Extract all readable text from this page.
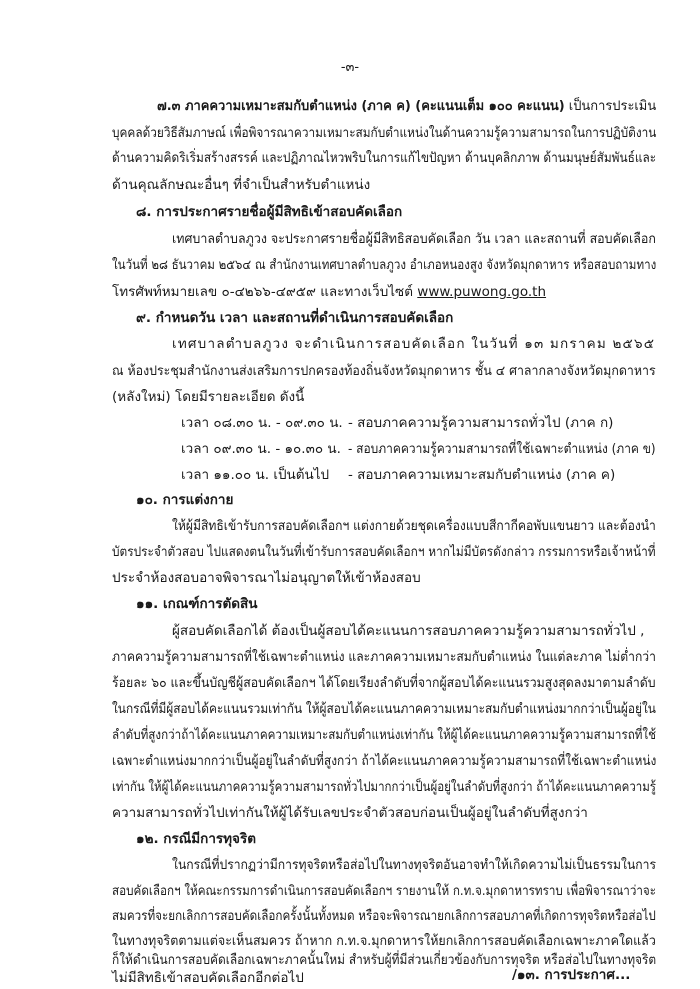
-๓-
๗.๓ ภาคความเหมาะสมกับตำแหน่ง (ภาค ค) (คะแนนเต็ม ๑๐๐ คะแนน) เป็นการประเมิน
บุคคลด้วยวิธีสัมภาษณ์ เพื่อพิจารณาความเหมาะสมกับตำแหน่งในด้านความรู้ความสามารถในการปฏิบัติงาน
ด้านความคิดริเริ่มสร้างสรรค์ และปฏิภาณไหวพริบในการแก้ไขปัญหา ด้านบุคลิกภาพ ด้านมนุษย์สัมพันธ์และ
ด้านคุณลักษณะอื่นๆ ที่จำเป็นสำหรับตำแหน่ง
๘. การประกาศรายชื่อผู้มีสิทธิเข้าสอบคัดเลือก
เทศบาลตำบลภูวง จะประกาศรายชื่อผู้มีสิทธิสอบคัดเลือก วัน เวลา และสถานที่ สอบคัดเลือก
ในวันที่ ๒๘ ธันวาคม ๒๕๖๔ ณ สำนักงานเทศบาลตำบลภูวง อำเภอหนองสูง จังหวัดมุกดาหาร หรือสอบถามทาง
โทรศัพท์หมายเลข ๐-๔๒๖๖-๔๙๕๙ และทางเว็บไซต์ www.puwong.go.th
๙. กำหนดวัน เวลา และสถานที่ดำเนินการสอบคัดเลือก
เทศบาลตำบลภูวง จะดำเนินการสอบคัดเลือก ในวันที่ ๑๓ มกราคม ๒๕๖๕
ณ ห้องประชุมสำนักงานส่งเสริมการปกครองท้องถิ่นจังหวัดมุกดาหาร ชั้น ๔ ศาลากลางจังหวัดมุกดาหาร
(หลังใหม่) โดยมีรายละเอียด ดังนี้
เวลา ๐๘.๓๐ น. - ๐๙.๓๐ น. - สอบภาคความรู้ความสามารถทั่วไป (ภาค ก)
เวลา ๐๙.๓๐ น. - ๑๐.๓๐ น. - สอบภาคความรู้ความสามารถที่ใช้เฉพาะตำแหน่ง (ภาค ข)
เวลา ๑๑.๐๐ น. เป็นต้นไป - สอบภาคความเหมาะสมกับตำแหน่ง (ภาค ค)
๑๐. การแต่งกาย
ให้ผู้มีสิทธิเข้ารับการสอบคัดเลือกฯ แต่งกายด้วยชุดเครื่องแบบสีกากีคอพับแขนยาว และต้องนำ
บัตรประจำตัวสอบ ไปแสดงตนในวันที่เข้ารับการสอบคัดเลือกฯ หากไม่มีบัตรดังกล่าว กรรมการหรือเจ้าหน้าที่
ประจำห้องสอบอาจพิจารณาไม่อนุญาตให้เข้าห้องสอบ
๑๑. เกณฑ์การตัดสิน
ผู้สอบคัดเลือกได้ ต้องเป็นผู้สอบได้คะแนนการสอบภาคความรู้ความสามารถทั่วไป ,
ภาคความรู้ความสามารถที่ใช้เฉพาะตำแหน่ง และภาคความเหมาะสมกับตำแหน่ง ในแต่ละภาค ไม่ต่ำกว่า
ร้อยละ ๖๐ และขึ้นบัญชีผู้สอบคัดเลือกฯ ได้โดยเรียงลำดับที่จากผู้สอบได้คะแนนรวมสูงสุดลงมาตามลำดับ
ในกรณีที่มีผู้สอบได้คะแนนรวมเท่ากัน ให้ผู้สอบได้คะแนนภาคความเหมาะสมกับตำแหน่งมากกว่าเป็นผู้อยู่ใน
ลำดับที่สูงกว่าถ้าได้คะแนนภาคความเหมาะสมกับตำแหน่งเท่ากัน ให้ผู้ได้คะแนนภาคความรู้ความสามารถที่ใช้
เฉพาะตำแหน่งมากกว่าเป็นผู้อยู่ในลำดับที่สูงกว่า ถ้าได้คะแนนภาคความรู้ความสามารถที่ใช้เฉพาะตำแหน่ง
เท่ากัน ให้ผู้ได้คะแนนภาคความรู้ความสามารถทั่วไปมากกว่าเป็นผู้อยู่ในลำดับที่สูงกว่า ถ้าได้คะแนนภาคความรู้
ความสามารถทั่วไปเท่ากันให้ผู้ได้รับเลขประจำตัวสอบก่อนเป็นผู้อยู่ในลำดับที่สูงกว่า
๑๒. กรณีมีการทุจริต
ในกรณีที่ปรากฏว่ามีการทุจริตหรือส่อไปในทางทุจริตอันอาจทำให้เกิดความไม่เป็นธรรมในการ
สอบคัดเลือกฯ ให้คณะกรรมการดำเนินการสอบคัดเลือกฯ รายงานให้ ก.ท.จ.มุกดาหารทราบ เพื่อพิจารณาว่าจะ
สมควรที่จะยกเลิกการสอบคัดเลือกครั้งนั้นทั้งหมด หรือจะพิจารณายกเลิกการสอบภาคที่เกิดการทุจริตหรือส่อไป
ในทางทุจริตตามแต่จะเห็นสมควร ถ้าหาก ก.ท.จ.มุกดาหารให้ยกเลิกการสอบคัดเลือกเฉพาะภาคใดแล้ว
ก็ให้ดำเนินการสอบคัดเลือกเฉพาะภาคนั้นใหม่ สำหรับผู้ที่มีส่วนเกี่ยวข้องกับการทุจริต หรือส่อไปในทางทุจริต
ไม่มีสิทธิเข้าสอบคัดเลือกอีกต่อไป	/๑๓. การประกาศ...
